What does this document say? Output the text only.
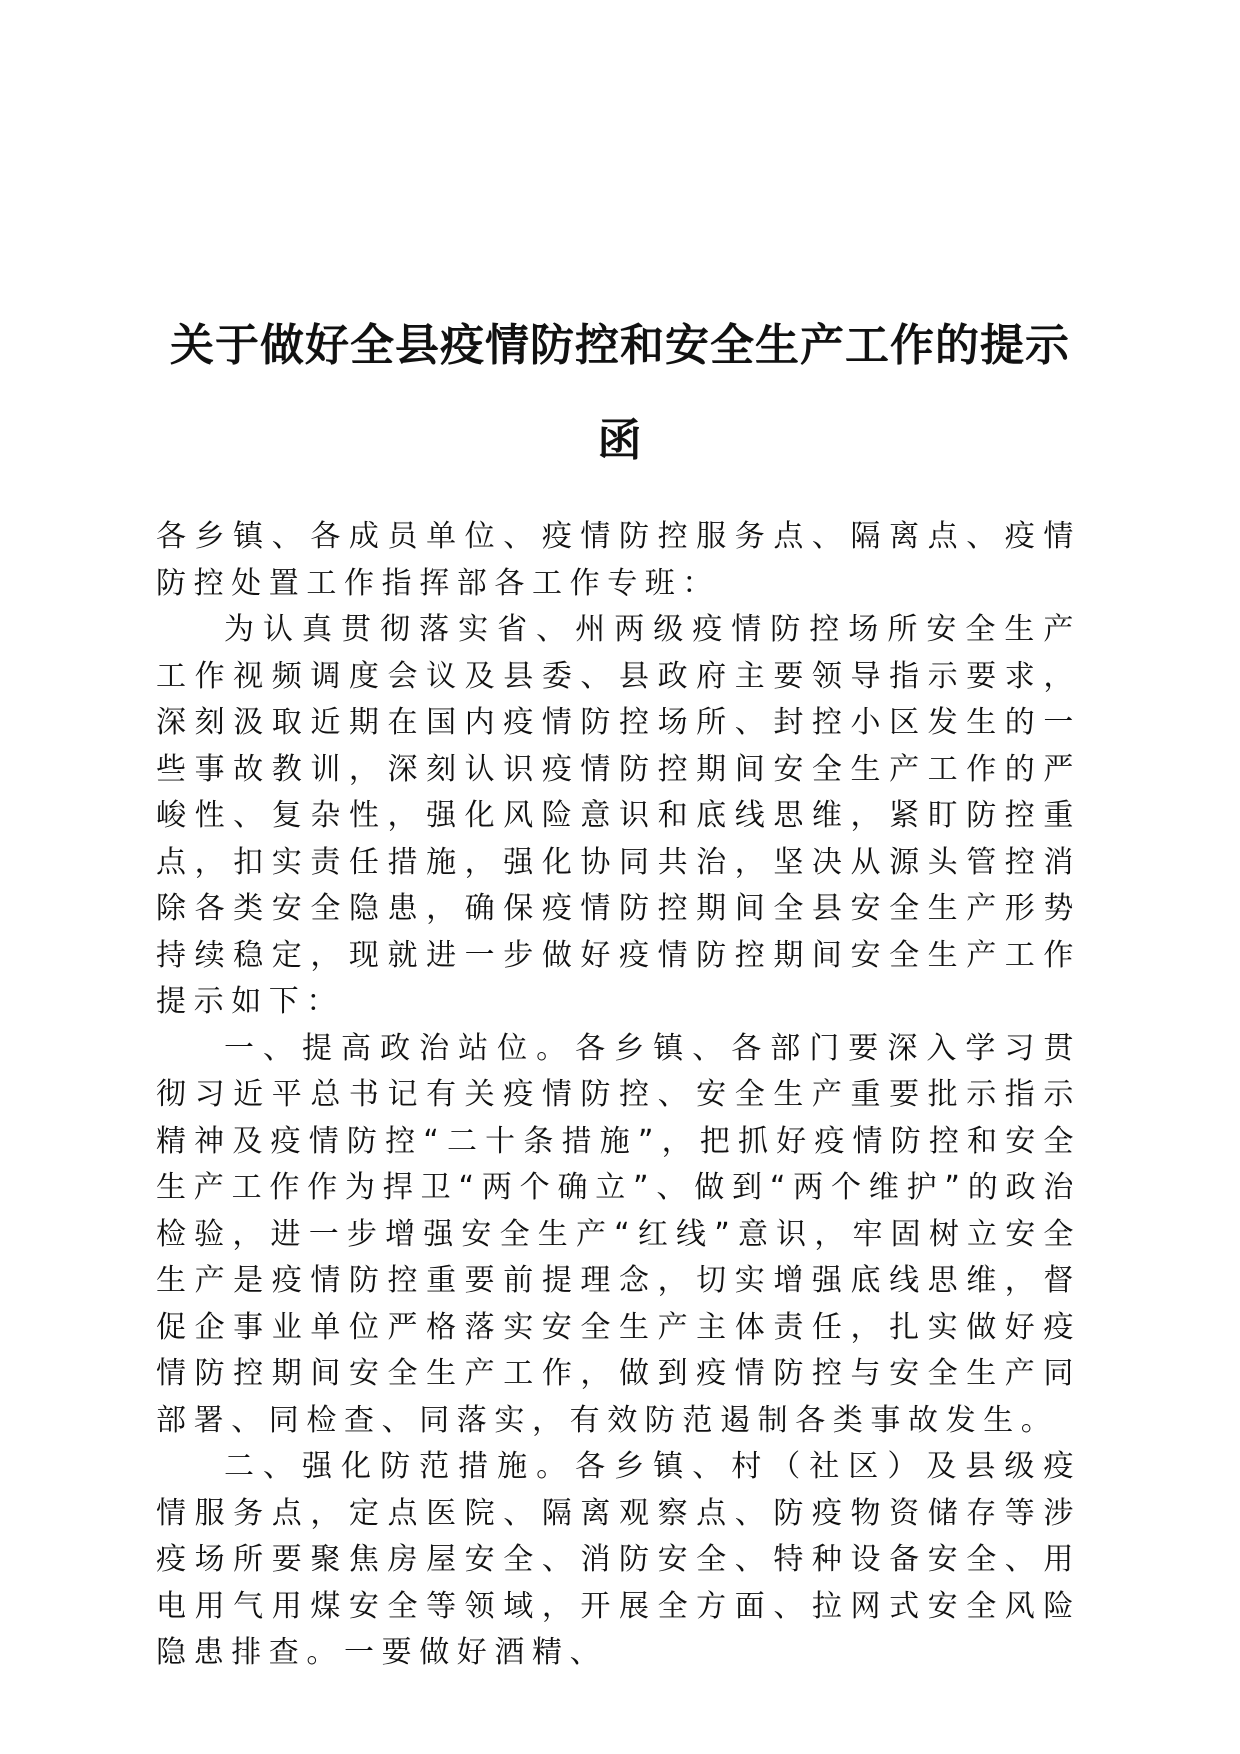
关于做好全县疫情防控和安全生产工作的提示
函

各乡镇、各成员单位、疫情防控服务点、隔离点、疫情防控处置工作指挥部各工作专班：

为认真贯彻落实省、州两级疫情防控场所安全生产工作视频调度会议及县委、县政府主要领导指示要求，深刻汲取近期在国内疫情防控场所、封控小区发生的一些事故教训，深刻认识疫情防控期间安全生产工作的严峻性、复杂性，强化风险意识和底线思维，紧盯防控重点，扣实责任措施，强化协同共治，坚决从源头管控消除各类安全隐患，确保疫情防控期间全县安全生产形势持续稳定，现就进一步做好疫情防控期间安全生产工作提示如下：

一、提高政治站位。各乡镇、各部门要深入学习贯彻习近平总书记有关疫情防控、安全生产重要批示指示精神及疫情防控“二十条措施”，把抓好疫情防控和安全生产工作作为捍卫“两个确立”、做到“两个维护”的政治检验，进一步增强安全生产“红线”意识，牢固树立安全生产是疫情防控重要前提理念，切实增强底线思维，督促企事业单位严格落实安全生产主体责任，扎实做好疫情防控期间安全生产工作，做到疫情防控与安全生产同部署、同检查、同落实，有效防范遏制各类事故发生。

二、强化防范措施。各乡镇、村（社区）及县级疫情服务点，定点医院、隔离观察点、防疫物资储存等涉疫场所要聚焦房屋安全、消防安全、特种设备安全、用电用气用煤安全等领域，开展全方面、拉网式安全风险隐患排查。一要做好酒精、
